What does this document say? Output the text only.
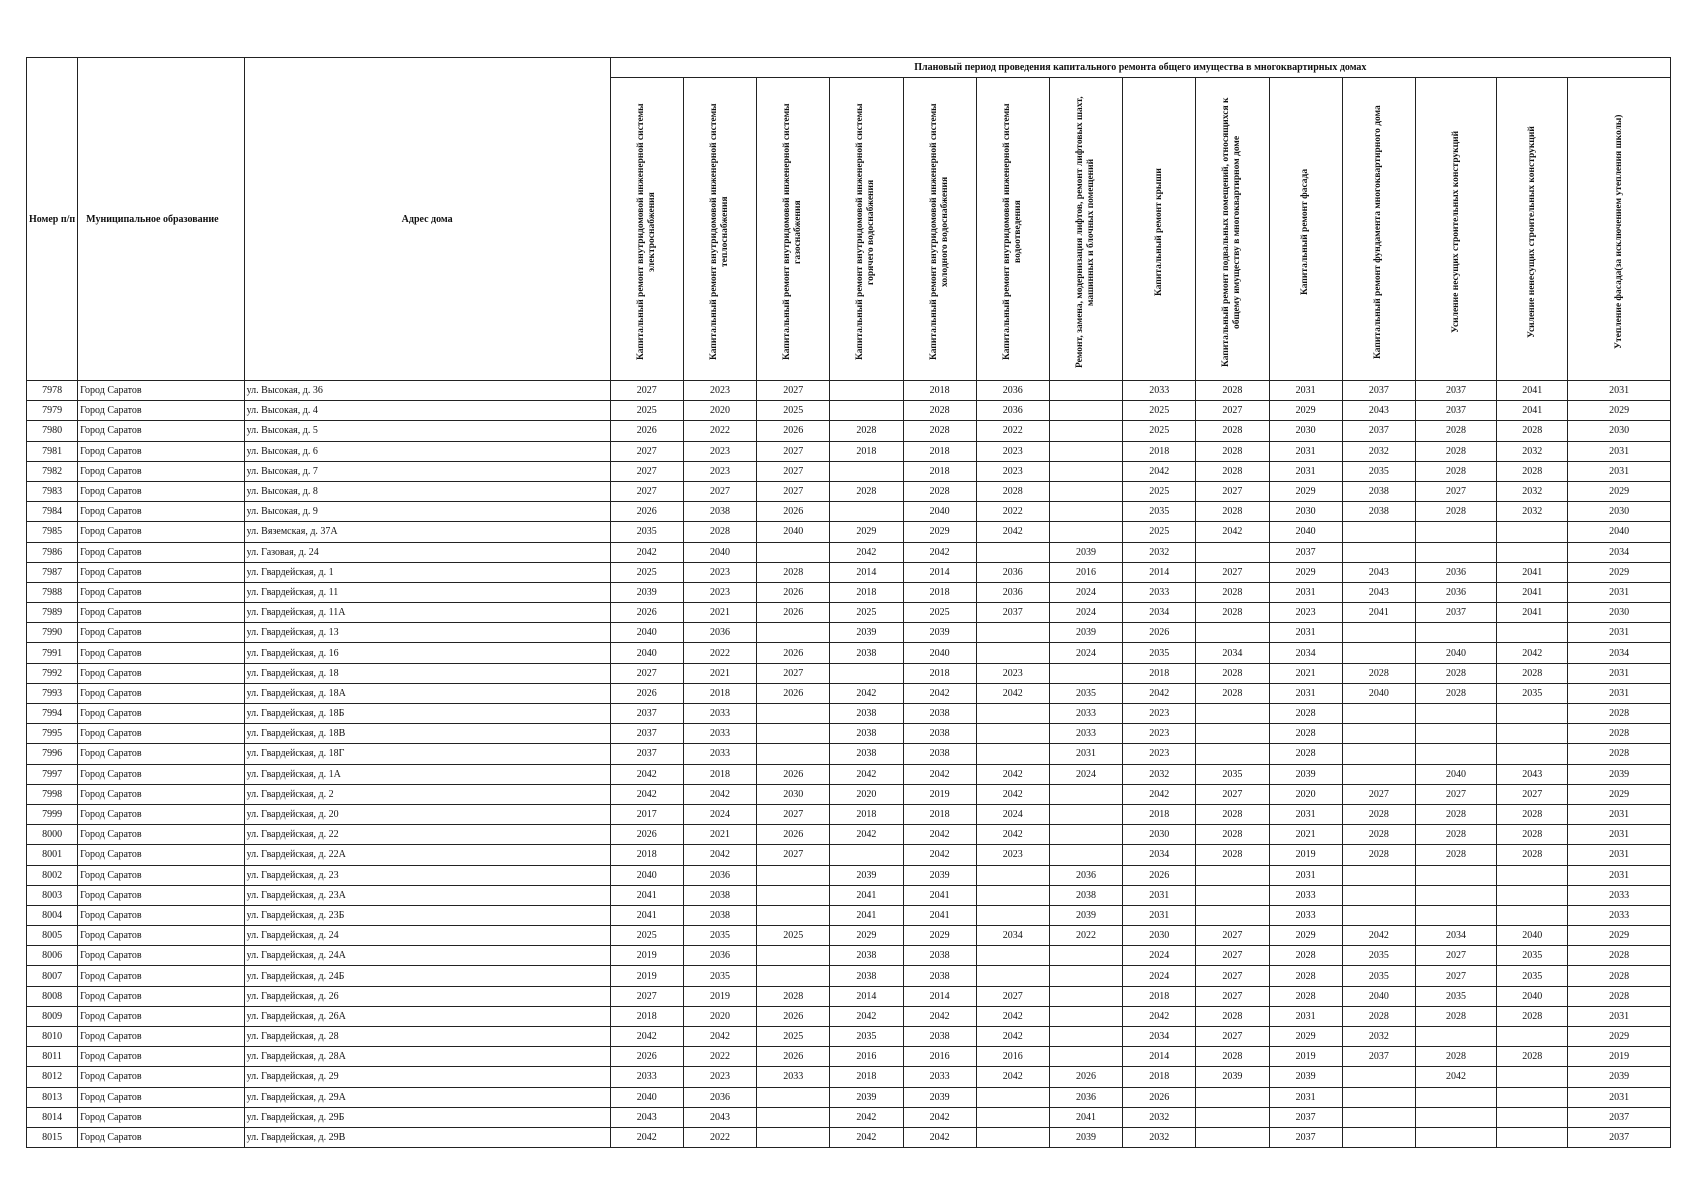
Номер п/п	Муниципальное образование	Адрес дома	Плановый период проведения капитального ремонта общего имущества в многоквартирных домах													

			Капитальный ремонт внутридомовой инженерной системы электроснабжения	Капитальный ремонт внутридомовой инженерной системы теплоснабжения	Капитальный ремонт внутридомовой инженерной системы газоснабжения	Капитальный ремонт внутридомовой инженерной системы горячего водоснабжения	Капитальный ремонт внутридомовой инженерной системы холодного водоснабжения	Капитальный ремонт внутридомовой инженерной системы водоотведения	Ремонт, замена, модернизация лифтов, ремонт лифтовых шахт, машинных и блочных помещений	Капитальный ремонт крыши	Капитальный ремонт подвальных помещений, относящихся к общему имуществу в многоквартирном доме	Капитальный ремонт фасада	Капитальный ремонт фундамента многоквартирного дома	Усиление несущих строительных конструкций	Усиление ненесущих строительных конструкций	Утепление фасада(за исключением утепления школы)

7978	Город Саратов	ул. Высокая, д. 36	2027	2023	2027		2018	2036		2033	2028	2031	2037	2037	2041	2031
7979	Город Саратов	ул. Высокая, д. 4	2025	2020	2025		2028	2036		2025	2027	2029	2043	2037	2041	2029
7980	Город Саратов	ул. Высокая, д. 5	2026	2022	2026	2028	2028	2022		2025	2028	2030	2037	2028	2028	2030
7981	Город Саратов	ул. Высокая, д. 6	2027	2023	2027	2018	2018	2023		2018	2028	2031	2032	2028	2032	2031
7982	Город Саратов	ул. Высокая, д. 7	2027	2023	2027		2018	2023		2042	2028	2031	2035	2028	2028	2031
7983	Город Саратов	ул. Высокая, д. 8	2027	2027	2027	2028	2028	2028		2025	2027	2029	2038	2027	2032	2029
7984	Город Саратов	ул. Высокая, д. 9	2026	2038	2026		2040	2022		2035	2028	2030	2038	2028	2032	2030
7985	Город Саратов	ул. Вяземская, д. 37А	2035	2028	2040	2029	2029	2042		2025	2042	2040				2040
7986	Город Саратов	ул. Газовая, д. 24	2042	2040		2042	2042		2039	2032		2037				2034
7987	Город Саратов	ул. Гвардейская, д. 1	2025	2023	2028	2014	2014	2036	2016	2014	2027	2029	2043	2036	2041	2029
7988	Город Саратов	ул. Гвардейская, д. 11	2039	2023	2026	2018	2018	2036	2024	2033	2028	2031	2043	2036	2041	2031
7989	Город Саратов	ул. Гвардейская, д. 11А	2026	2021	2026	2025	2025	2037	2024	2034	2028	2023	2041	2037	2041	2030
7990	Город Саратов	ул. Гвардейская, д. 13	2040	2036		2039	2039		2039	2026		2031				2031
7991	Город Саратов	ул. Гвардейская, д. 16	2040	2022	2026	2038	2040		2024	2035	2034	2034		2040	2042	2034
7992	Город Саратов	ул. Гвардейская, д. 18	2027	2021	2027		2018	2023		2018	2028	2021	2028	2028	2028	2031
7993	Город Саратов	ул. Гвардейская, д. 18А	2026	2018	2026	2042	2042	2042	2035	2042	2028	2031	2040	2028	2035	2031
7994	Город Саратов	ул. Гвардейская, д. 18Б	2037	2033		2038	2038		2033	2023		2028				2028
7995	Город Саратов	ул. Гвардейская, д. 18В	2037	2033		2038	2038		2033	2023		2028				2028
7996	Город Саратов	ул. Гвардейская, д. 18Г	2037	2033		2038	2038		2031	2023		2028				2028
7997	Город Саратов	ул. Гвардейская, д. 1А	2042	2018	2026	2042	2042	2042	2024	2032	2035	2039		2040	2043	2039
7998	Город Саратов	ул. Гвардейская, д. 2	2042	2042	2030	2020	2019	2042		2042	2027	2020	2027	2027	2027	2029
7999	Город Саратов	ул. Гвардейская, д. 20	2017	2024	2027	2018	2018	2024		2018	2028	2031	2028	2028	2028	2031
8000	Город Саратов	ул. Гвардейская, д. 22	2026	2021	2026	2042	2042	2042		2030	2028	2021	2028	2028	2028	2031
8001	Город Саратов	ул. Гвардейская, д. 22А	2018	2042	2027		2042	2023		2034	2028	2019	2028	2028	2028	2031
8002	Город Саратов	ул. Гвардейская, д. 23	2040	2036		2039	2039		2036	2026		2031				2031
8003	Город Саратов	ул. Гвардейская, д. 23А	2041	2038		2041	2041		2038	2031		2033				2033
8004	Город Саратов	ул. Гвардейская, д. 23Б	2041	2038		2041	2041		2039	2031		2033				2033
8005	Город Саратов	ул. Гвардейская, д. 24	2025	2035	2025	2029	2029	2034	2022	2030	2027	2029	2042	2034	2040	2029
8006	Город Саратов	ул. Гвардейская, д. 24А	2019	2036		2038	2038			2024	2027	2028	2035	2027	2035	2028
8007	Город Саратов	ул. Гвардейская, д. 24Б	2019	2035		2038	2038			2024	2027	2028	2035	2027	2035	2028
8008	Город Саратов	ул. Гвардейская, д. 26	2027	2019	2028	2014	2014	2027		2018	2027	2028	2040	2035	2040	2028
8009	Город Саратов	ул. Гвардейская, д. 26А	2018	2020	2026	2042	2042	2042		2042	2028	2031	2028	2028	2028	2031
8010	Город Саратов	ул. Гвардейская, д. 28	2042	2042	2025	2035	2038	2042		2034	2027	2029	2032			2029
8011	Город Саратов	ул. Гвардейская, д. 28А	2026	2022	2026	2016	2016	2016		2014	2028	2019	2037	2028	2028	2019
8012	Город Саратов	ул. Гвардейская, д. 29	2033	2023	2033	2018	2033	2042	2026	2018	2039	2039		2042		2039
8013	Город Саратов	ул. Гвардейская, д. 29А	2040	2036		2039	2039		2036	2026		2031				2031
8014	Город Саратов	ул. Гвардейская, д. 29Б	2043	2043		2042	2042		2041	2032		2037				2037
8015	Город Саратов	ул. Гвардейская, д. 29В	2042	2022		2042	2042		2039	2032		2037				2037
